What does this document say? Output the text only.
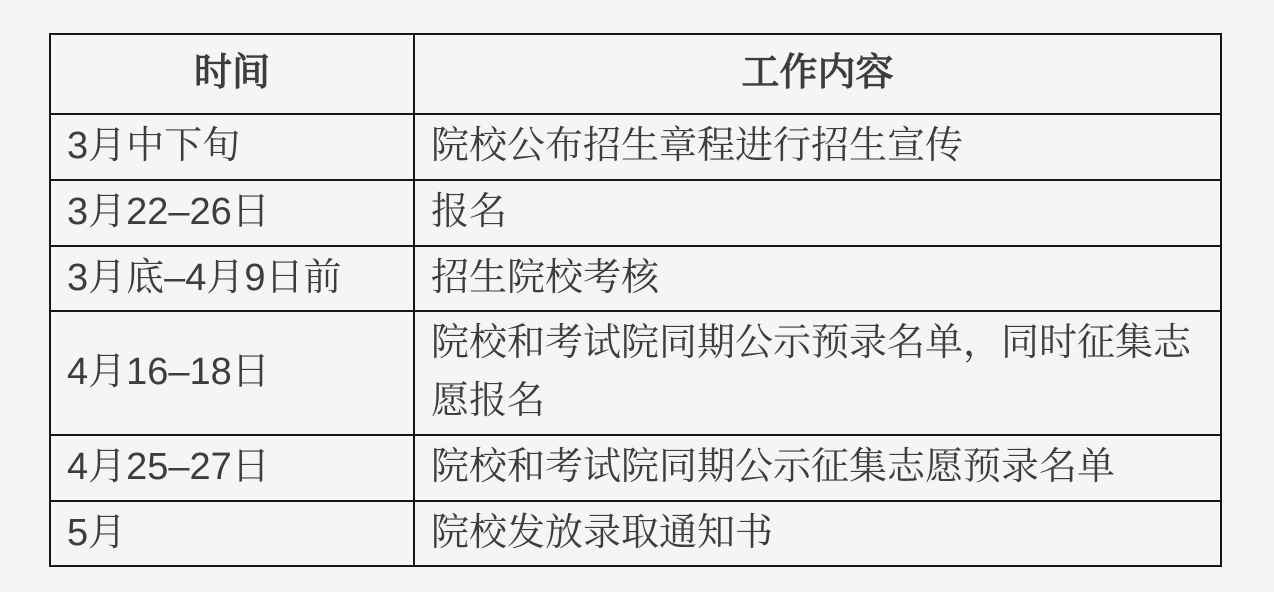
时间	工作内容
3月中下旬	院校公布招生章程进行招生宣传
3月22–26日	报名
3月底–4月9日前	招生院校考核
4月16–18日	院校和考试院同期公示预录名单，同时征集志愿报名
4月25–27日	院校和考试院同期公示征集志愿预录名单
5月	院校发放录取通知书
